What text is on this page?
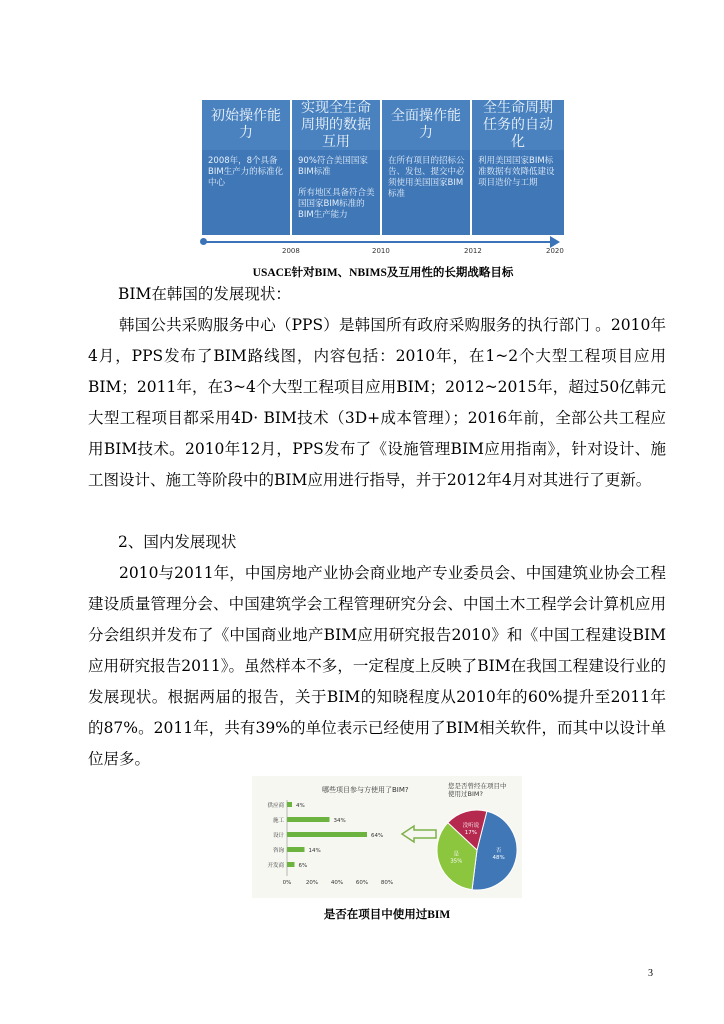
初始操作能力

2008年，8个具备BIM生产力的标准化中心

实现全生命周期的数据互用

90%符合美国国家BIM标准

所有地区具备符合美国国家BIM标准的BIM生产能力

全面操作能力

在所有项目的招标公告、发包、提交中必须使用美国国家BIM标准

全生命周期任务的自动化

利用美国国家BIM标准数据有效降低建设项目造价与工期

2008	2010	2012	2020
USACE针对BIM、NBIMS及互用性的长期战略目标
BIM在韩国的发展现状：

韩国公共采购服务中心（PPS）是韩国所有政府采购服务的执行部门 。2010年4月，PPS发布了BIM路线图，内容包括：2010年，在1~2个大型工程项目应用BIM；2011年，在3~4个大型工程项目应用BIM；2012~2015年，超过50亿韩元大型工程项目都采用4D· BIM技术（3D+成本管理）；2016年前，全部公共工程应用BIM技术。2010年12月，PPS发布了《设施管理BIM应用指南》，针对设计、施工图设计、施工等阶段中的BIM应用进行指导，并于2012年4月对其进行了更新。

2、国内发展现状

2010与2011年，中国房地产业协会商业地产专业委员会、中国建筑业协会工程建设质量管理分会、中国建筑学会工程管理研究分会、中国土木工程学会计算机应用分会组织并发布了《中国商业地产BIM应用研究报告2010》和《中国工程建设BIM应用研究报告2011》。虽然样本不多，一定程度上反映了BIM在我国工程建设行业的发展现状。根据两届的报告，关于BIM的知晓程度从2010年的60%提升至2011年的87%。2011年，共有39%的单位表示已经使用了BIM相关软件，而其中以设计单位居多。

哪些项目参与方使用了BIM?
供应商 4%
施工	34%
设计	64%
咨询	14%
开发商	6%
0%	20% 40% 60% 80%
您是否曾经在项目中 使用过BIM?
否
48%
是
35%
没听说
17%
是否在项目中使用过BIM
3
